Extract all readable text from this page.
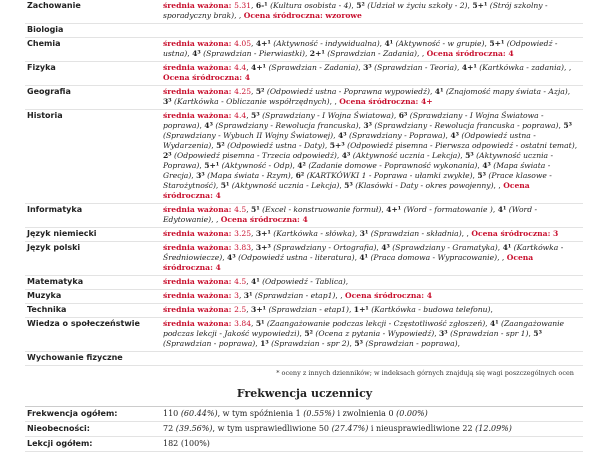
Zachowanie	średnia ważona: 5.31, 6-¹ (Kultura osobista - 4), 5² (Udział w życiu szkoły - 2), 5+¹ (Strój szkolny - sporadyczny brak), , Ocena śródroczna: wzorowe
Biologia	
Chemia	średnia ważona: 4.05, 4+¹ (Aktywność - indywidualna), 4¹ (Aktywność - w grupie), 5+¹ (Odpowiedź - ustna), 4³ (Sprawdzian - Pierwiastki), 2+¹ (Sprawdzian - Zadania), , Ocena śródroczna: 4
Fizyka	średnia ważona: 4.4, 4+¹ (Sprawdzian - Zadania), 3³ (Sprawdzian - Teoria), 4+¹ (Kartkówka - zadania), , Ocena śródroczna: 4
Geografia	średnia ważona: 4.25, 5² (Odpowiedź ustna - Poprawna wypowiedź), 4¹ (Znajomość mapy świata - Azja), 3³ (Kartkówka - Obliczanie współrzędnych), , Ocena śródroczna: 4+
Historia	średnia ważona: 4.4, 5³ (Sprawdziany - I Wojna Światowa), 6³ (Sprawdziany - I Wojna Światowa - poprawa), 4³ (Sprawdziany - Rewolucja francuska), 3³ (Sprawdziany - Rewolucja francuska - poprawa), 5³ (Sprawdziany - Wybuch II Wojny Światowej), 4³ (Sprawdziany - Poprawa), 4³ (Odpowiedź ustna - Wydarzenia), 5² (Odpowiedź ustna - Daty), 5+³ (Odpowiedź pisemna - Pierwsza odpowiedź - ostatni temat), 2³ (Odpowiedź pisemna - Trzecia odpowiedź), 4³ (Aktywność ucznia - Lekcja), 5³ (Aktywność ucznia - Poprawa), 5+¹ (Aktywność - Odp), 4² (Zadanie domowe - Poprawność wykonania), 4³ (Mapa świata - Grecja), 3³ (Mapa świata - Rzym), 6² (KARTKÓWKI 1 - Poprawa - ułamki zwykłe), 5³ (Prace klasowe - Starożytność), 5¹ (Aktywność ucznia - Lekcja), 5³ (Klasówki - Daty - okres powojenny), , Ocena śródroczna: 4
Informatyka	średnia ważona: 4.5, 5¹ (Excel - konstruowanie formuł), 4+¹ (Word - formatowanie ), 4¹ (Word - Edytowanie), , Ocena śródroczna: 4
Język niemiecki	średnia ważona: 3.25, 3+¹ (Kartkówka - słówka), 3¹ (Sprawdzian - składnia), , Ocena śródroczna: 3
Język polski	średnia ważona: 3.83, 3+³ (Sprawdziany - Ortografia), 4³ (Sprawdziany - Gramatyka), 4¹ (Kartkówka - Średniowiecze), 4³ (Odpowiedź ustna - literatura), 4¹ (Praca domowa - Wypracowanie), , Ocena śródroczna: 4
Matematyka	średnia ważona: 4.5, 4¹ (Odpowiedź - Tablica),
Muzyka	średnia ważona: 3, 3¹ (Sprawdzian - etap1), , Ocena śródroczna: 4
Technika	średnia ważona: 2.5, 3+¹ (Sprawdzian - etap1), 1+¹ (Kartkówka - budowa telefonu),
Wiedza o społeczeństwie	średnia ważona: 3.84, 5¹ (Zaangażowanie podczas lekcji - Częstotliwość zgłoszeń), 4¹ (Zaangażowanie podczas lekcji - Jakość wypowiedzi), 5² (Ocena z pytania - Wypowiedź), 3³ (Sprawdzian - spr 1), 5³ (Sprawdzian - poprawa), 1³ (Sprawdzian - spr 2), 5³ (Sprawdzian - poprawa),
Wychowanie fizyczne	
* oceny z innych dzienników; w indeksach górnych znajdują się wagi poszczególnych ocen
Frekwencja uczennicy
Frekwencja ogółem:	110 (60.44%), w tym spóźnienia 1 (0.55%) i zwolnienia 0 (0.00%)
Nieobecności:	72 (39.56%), w tym usprawiedliwione 50 (27.47%) i nieusprawiedliwione 22 (12.09%)
Lekcji ogółem:	182 (100%)
